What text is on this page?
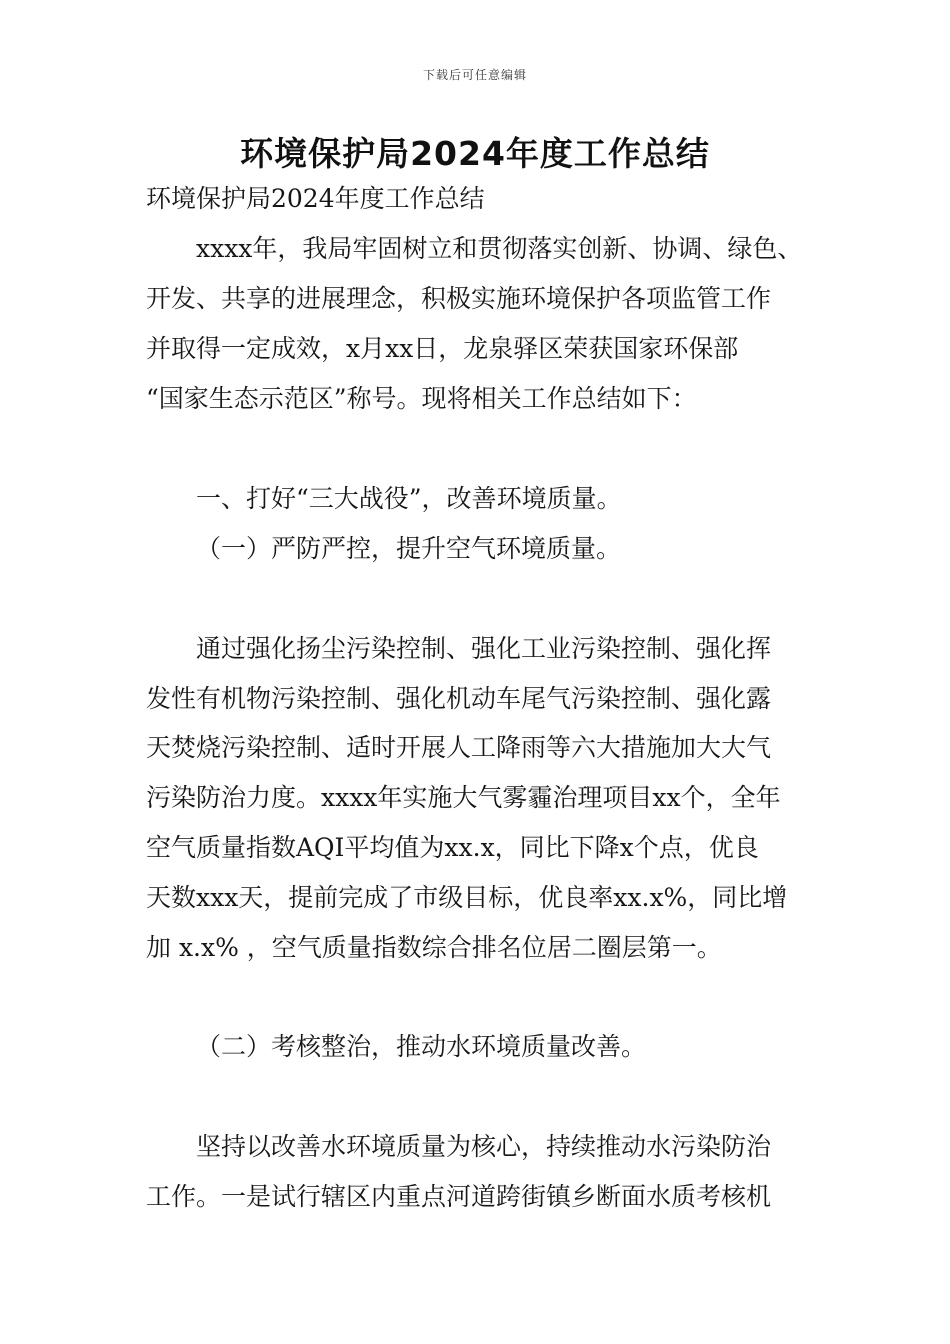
下载后可任意编辑
环境保护局2024年度工作总结
环境保护局2024年度工作总结
xxxx年，我局牢固树立和贯彻落实创新、协调、绿色、
开发、共享的进展理念，积极实施环境保护各项监管工作
并取得一定成效，x月xx日，龙泉驿区荣获国家环保部
“国家生态示范区”称号。现将相关工作总结如下：
一、打好“三大战役”，改善环境质量。
（一）严防严控，提升空气环境质量。
通过强化扬尘污染控制、强化工业污染控制、强化挥
发性有机物污染控制、强化机动车尾气污染控制、强化露
天焚烧污染控制、适时开展人工降雨等六大措施加大大气
污染防治力度。xxxx年实施大气雾霾治理项目xx个，全年
空气质量指数AQI平均值为xx.x，同比下降x个点，优良
天数xxx天，提前完成了市级目标，优良率xx.x%，同比增
加 x.x% ，空气质量指数综合排名位居二圈层第一。
（二）考核整治，推动水环境质量改善。
坚持以改善水环境质量为核心，持续推动水污染防治
工作。一是试行辖区内重点河道跨街镇乡断面水质考核机
